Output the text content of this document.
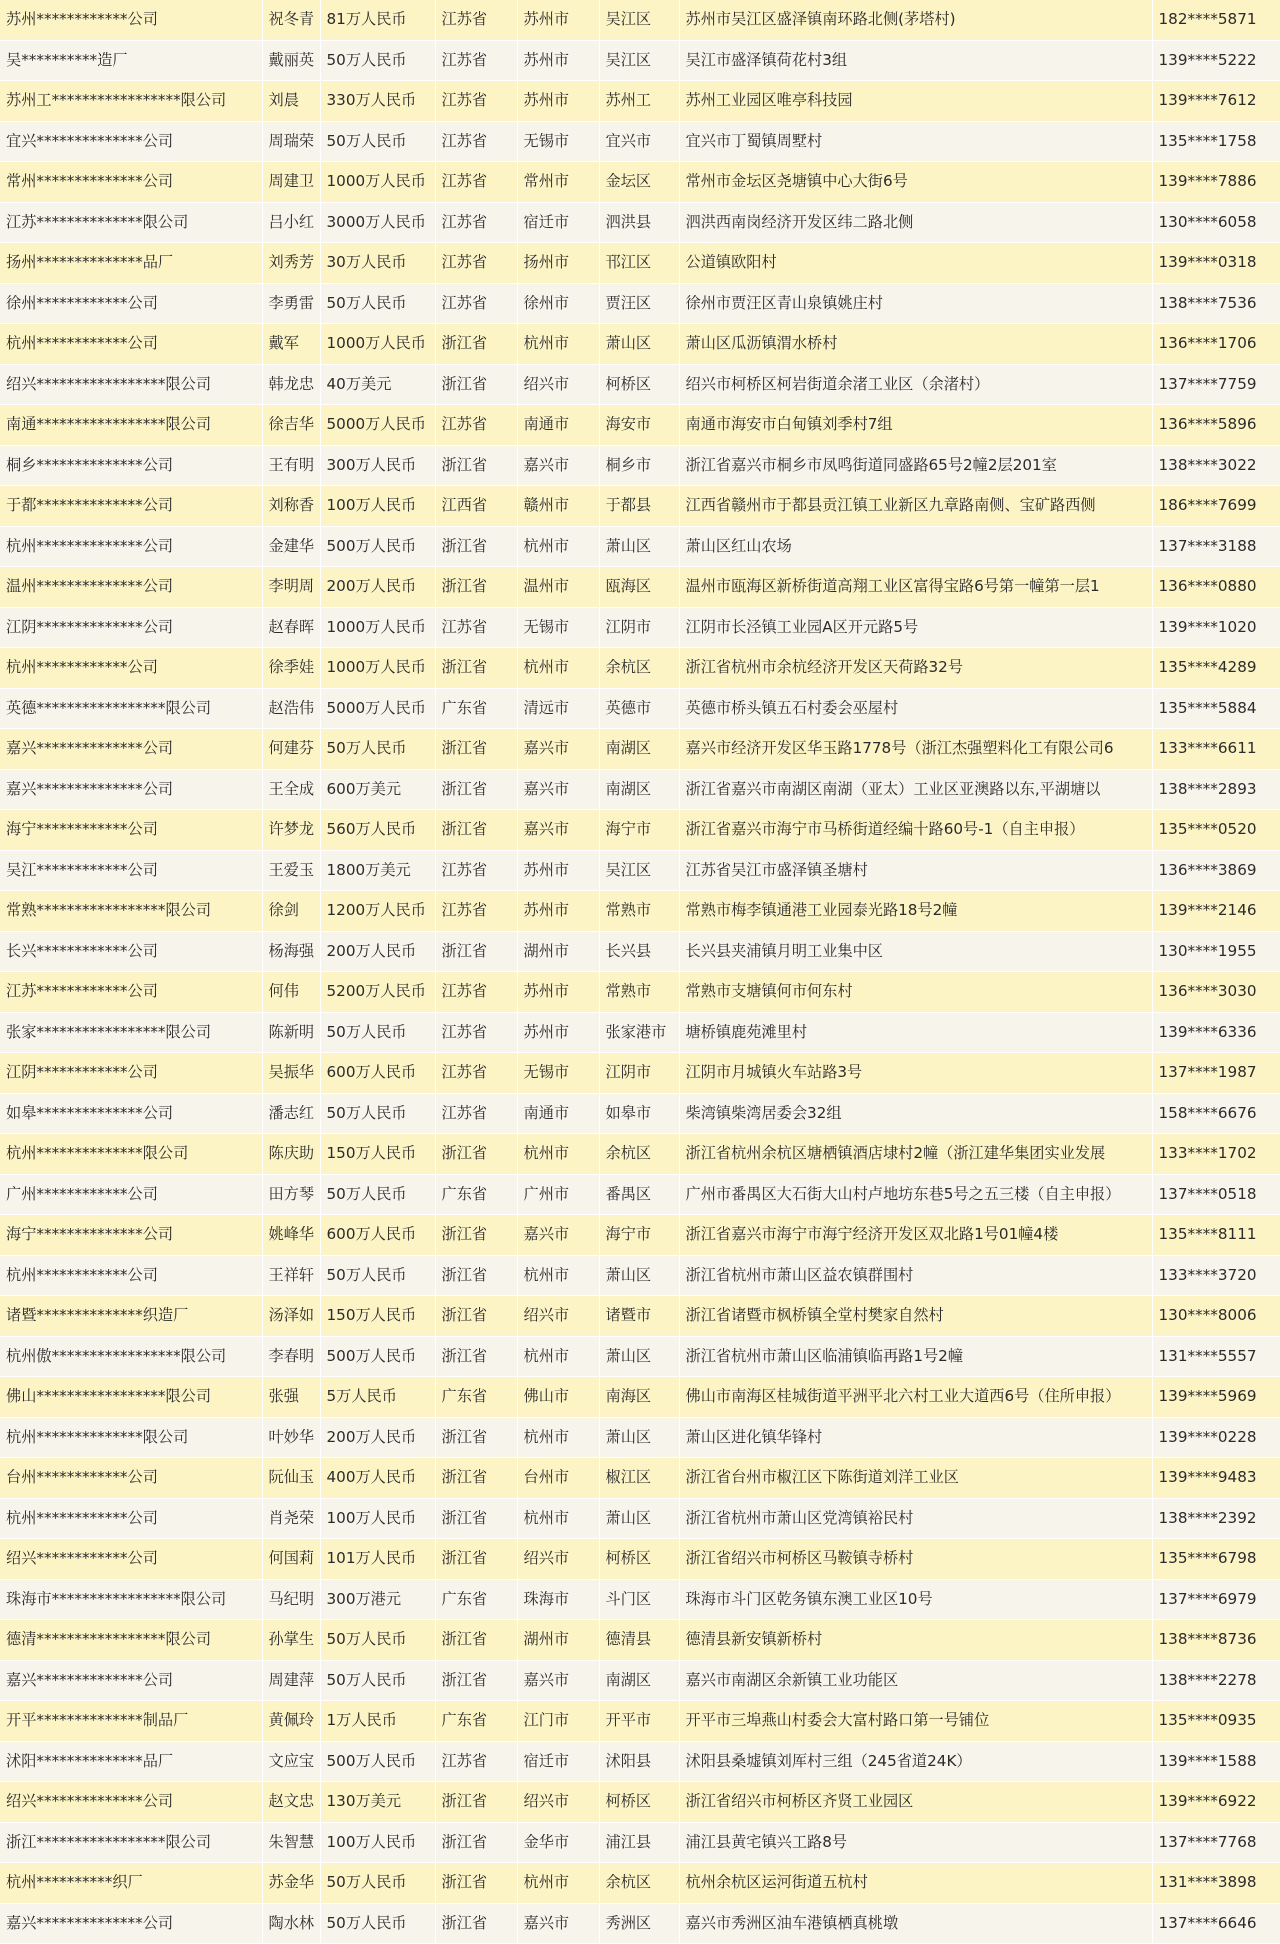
苏州************公司	祝冬青	81万人民币	江苏省	苏州市	吴江区	苏州市吴江区盛泽镇南环路北侧(茅塔村)	182****5871
吴**********造厂	戴丽英	50万人民币	江苏省	苏州市	吴江区	吴江市盛泽镇荷花村3组	139****5222
苏州工*****************限公司	刘晨	330万人民币	江苏省	苏州市	苏州工	苏州工业园区唯亭科技园	139****7612
宜兴**************公司	周瑞荣	50万人民币	江苏省	无锡市	宜兴市	宜兴市丁蜀镇周墅村	135****1758
常州**************公司	周建卫	1000万人民币	江苏省	常州市	金坛区	常州市金坛区尧塘镇中心大街6号	139****7886
江苏**************限公司	吕小红	3000万人民币	江苏省	宿迁市	泗洪县	泗洪西南岗经济开发区纬二路北侧	130****6058
扬州**************品厂	刘秀芳	30万人民币	江苏省	扬州市	邗江区	公道镇欧阳村	139****0318
徐州************公司	李勇雷	50万人民币	江苏省	徐州市	贾汪区	徐州市贾汪区青山泉镇姚庄村	138****7536
杭州************公司	戴军	1000万人民币	浙江省	杭州市	萧山区	萧山区瓜沥镇渭水桥村	136****1706
绍兴*****************限公司	韩龙忠	40万美元	浙江省	绍兴市	柯桥区	绍兴市柯桥区柯岩街道余渚工业区（余渚村）	137****7759
南通*****************限公司	徐吉华	5000万人民币	江苏省	南通市	海安市	南通市海安市白甸镇刘季村7组	136****5896
桐乡**************公司	王有明	300万人民币	浙江省	嘉兴市	桐乡市	浙江省嘉兴市桐乡市凤鸣街道同盛路65号2幢2层201室	138****3022
于都**************公司	刘称香	100万人民币	江西省	赣州市	于都县	江西省赣州市于都县贡江镇工业新区九章路南侧、宝矿路西侧	186****7699
杭州**************公司	金建华	500万人民币	浙江省	杭州市	萧山区	萧山区红山农场	137****3188
温州**************公司	李明周	200万人民币	浙江省	温州市	瓯海区	温州市瓯海区新桥街道高翔工业区富得宝路6号第一幢第一层1	136****0880
江阴**************公司	赵春晖	1000万人民币	江苏省	无锡市	江阴市	江阴市长泾镇工业园A区开元路5号	139****1020
杭州************公司	徐季娃	1000万人民币	浙江省	杭州市	余杭区	浙江省杭州市余杭经济开发区天荷路32号	135****4289
英德*****************限公司	赵浩伟	5000万人民币	广东省	清远市	英德市	英德市桥头镇五石村委会巫屋村	135****5884
嘉兴**************公司	何建芬	50万人民币	浙江省	嘉兴市	南湖区	嘉兴市经济开发区华玉路1778号（浙江杰强塑料化工有限公司6	133****6611
嘉兴**************公司	王全成	600万美元	浙江省	嘉兴市	南湖区	浙江省嘉兴市南湖区南湖（亚太）工业区亚澳路以东,平湖塘以	138****2893
海宁************公司	许梦龙	560万人民币	浙江省	嘉兴市	海宁市	浙江省嘉兴市海宁市马桥街道经编十路60号-1（自主申报）	135****0520
吴江************公司	王爱玉	1800万美元	江苏省	苏州市	吴江区	江苏省吴江市盛泽镇圣塘村	136****3869
常熟*****************限公司	徐剑	1200万人民币	江苏省	苏州市	常熟市	常熟市梅李镇通港工业园泰光路18号2幢	139****2146
长兴************公司	杨海强	200万人民币	浙江省	湖州市	长兴县	长兴县夹浦镇月明工业集中区	130****1955
江苏************公司	何伟	5200万人民币	江苏省	苏州市	常熟市	常熟市支塘镇何市何东村	136****3030
张家*****************限公司	陈新明	50万人民币	江苏省	苏州市	张家港市	塘桥镇鹿苑滩里村	139****6336
江阴************公司	吴振华	600万人民币	江苏省	无锡市	江阴市	江阴市月城镇火车站路3号	137****1987
如皋**************公司	潘志红	50万人民币	江苏省	南通市	如皋市	柴湾镇柴湾居委会32组	158****6676
杭州**************限公司	陈庆助	150万人民币	浙江省	杭州市	余杭区	浙江省杭州余杭区塘栖镇酒店埭村2幢（浙江建华集团实业发展	133****1702
广州************公司	田方琴	50万人民币	广东省	广州市	番禺区	广州市番禺区大石街大山村卢地坊东巷5号之五三楼（自主申报）	137****0518
海宁**************公司	姚峰华	600万人民币	浙江省	嘉兴市	海宁市	浙江省嘉兴市海宁市海宁经济开发区双北路1号01幢4楼	135****8111
杭州************公司	王祥轩	50万人民币	浙江省	杭州市	萧山区	浙江省杭州市萧山区益农镇群围村	133****3720
诸暨**************织造厂	汤泽如	150万人民币	浙江省	绍兴市	诸暨市	浙江省诸暨市枫桥镇全堂村樊家自然村	130****8006
杭州傲*****************限公司	李春明	500万人民币	浙江省	杭州市	萧山区	浙江省杭州市萧山区临浦镇临再路1号2幢	131****5557
佛山*****************限公司	张强	5万人民币	广东省	佛山市	南海区	佛山市南海区桂城街道平洲平北六村工业大道西6号（住所申报）	139****5969
杭州**************限公司	叶妙华	200万人民币	浙江省	杭州市	萧山区	萧山区进化镇华锋村	139****0228
台州************公司	阮仙玉	400万人民币	浙江省	台州市	椒江区	浙江省台州市椒江区下陈街道刘洋工业区	139****9483
杭州************公司	肖尧荣	100万人民币	浙江省	杭州市	萧山区	浙江省杭州市萧山区党湾镇裕民村	138****2392
绍兴************公司	何国莉	101万人民币	浙江省	绍兴市	柯桥区	浙江省绍兴市柯桥区马鞍镇寺桥村	135****6798
珠海市*****************限公司	马纪明	300万港元	广东省	珠海市	斗门区	珠海市斗门区乾务镇东澳工业区10号	137****6979
德清*****************限公司	孙掌生	50万人民币	浙江省	湖州市	德清县	德清县新安镇新桥村	138****8736
嘉兴**************公司	周建萍	50万人民币	浙江省	嘉兴市	南湖区	嘉兴市南湖区余新镇工业功能区	138****2278
开平**************制品厂	黄佩玲	1万人民币	广东省	江门市	开平市	开平市三埠燕山村委会大富村路口第一号铺位	135****0935
沭阳**************品厂	文应宝	500万人民币	江苏省	宿迁市	沭阳县	沭阳县桑墟镇刘厍村三组（245省道24K）	139****1588
绍兴**************公司	赵文忠	130万美元	浙江省	绍兴市	柯桥区	浙江省绍兴市柯桥区齐贤工业园区	139****6922
浙江*****************限公司	朱智慧	100万人民币	浙江省	金华市	浦江县	浦江县黄宅镇兴工路8号	137****7768
杭州**********织厂	苏金华	50万人民币	浙江省	杭州市	余杭区	杭州余杭区运河街道五杭村	131****3898
嘉兴**************公司	陶水林	50万人民币	浙江省	嘉兴市	秀洲区	嘉兴市秀洲区油车港镇栖真桃墩	137****6646
